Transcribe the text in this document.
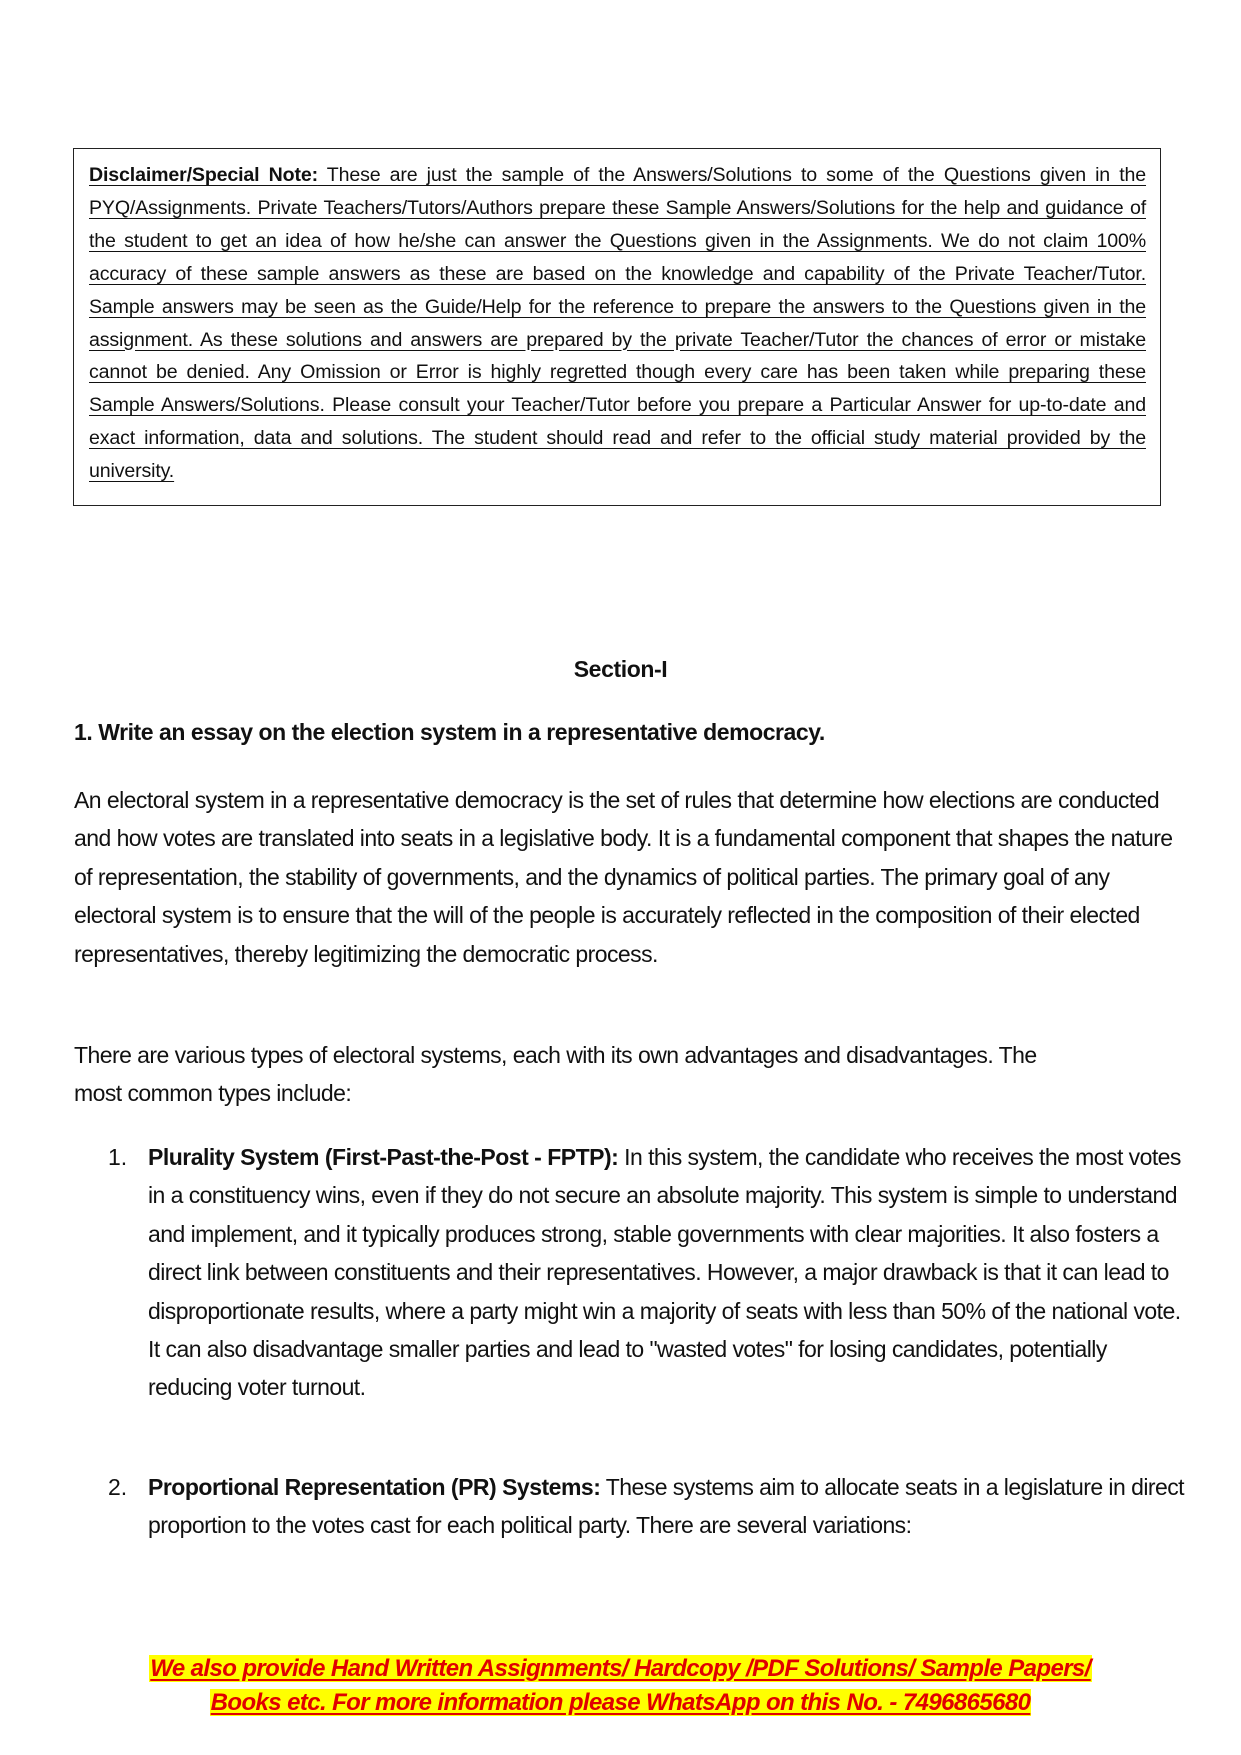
Disclaimer/Special Note: These are just the sample of the Answers/Solutions to some of the Questions given in the PYQ/Assignments. Private Teachers/Tutors/Authors prepare these Sample Answers/Solutions for the help and guidance of the student to get an idea of how he/she can answer the Questions given in the Assignments. We do not claim 100% accuracy of these sample answers as these are based on the knowledge and capability of the Private Teacher/Tutor. Sample answers may be seen as the Guide/Help for the reference to prepare the answers to the Questions given in the assignment. As these solutions and answers are prepared by the private Teacher/Tutor the chances of error or mistake cannot be denied. Any Omission or Error is highly regretted though every care has been taken while preparing these Sample Answers/Solutions. Please consult your Teacher/Tutor before you prepare a Particular Answer for up-to-date and exact information, data and solutions. The student should read and refer to the official study material provided by the university.

Section-I
1. Write an essay on the election system in a representative democracy.

An electoral system in a representative democracy is the set of rules that determine how elections are conducted and how votes are translated into seats in a legislative body. It is a fundamental component that shapes the nature of representation, the stability of governments, and the dynamics of political parties. The primary goal of any electoral system is to ensure that the will of the people is accurately reflected in the composition of their elected representatives, thereby legitimizing the democratic process.

There are various types of electoral systems, each with its own advantages and disadvantages. The most common types include:

1. Plurality System (First-Past-the-Post - FPTP): In this system, the candidate who receives the most votes in a constituency wins, even if they do not secure an absolute majority. This system is simple to understand and implement, and it typically produces strong, stable governments with clear majorities. It also fosters a direct link between constituents and their representatives. However, a major drawback is that it can lead to disproportionate results, where a party might win a majority of seats with less than 50% of the national vote. It can also disadvantage smaller parties and lead to "wasted votes" for losing candidates, potentially reducing voter turnout.
2. Proportional Representation (PR) Systems: These systems aim to allocate seats in a legislature in direct proportion to the votes cast for each political party. There are several variations:
We also provide Hand Written Assignments/ Hardcopy /PDF Solutions/ Sample Papers/
Books etc. For more information please WhatsApp on this No. - 7496865680
